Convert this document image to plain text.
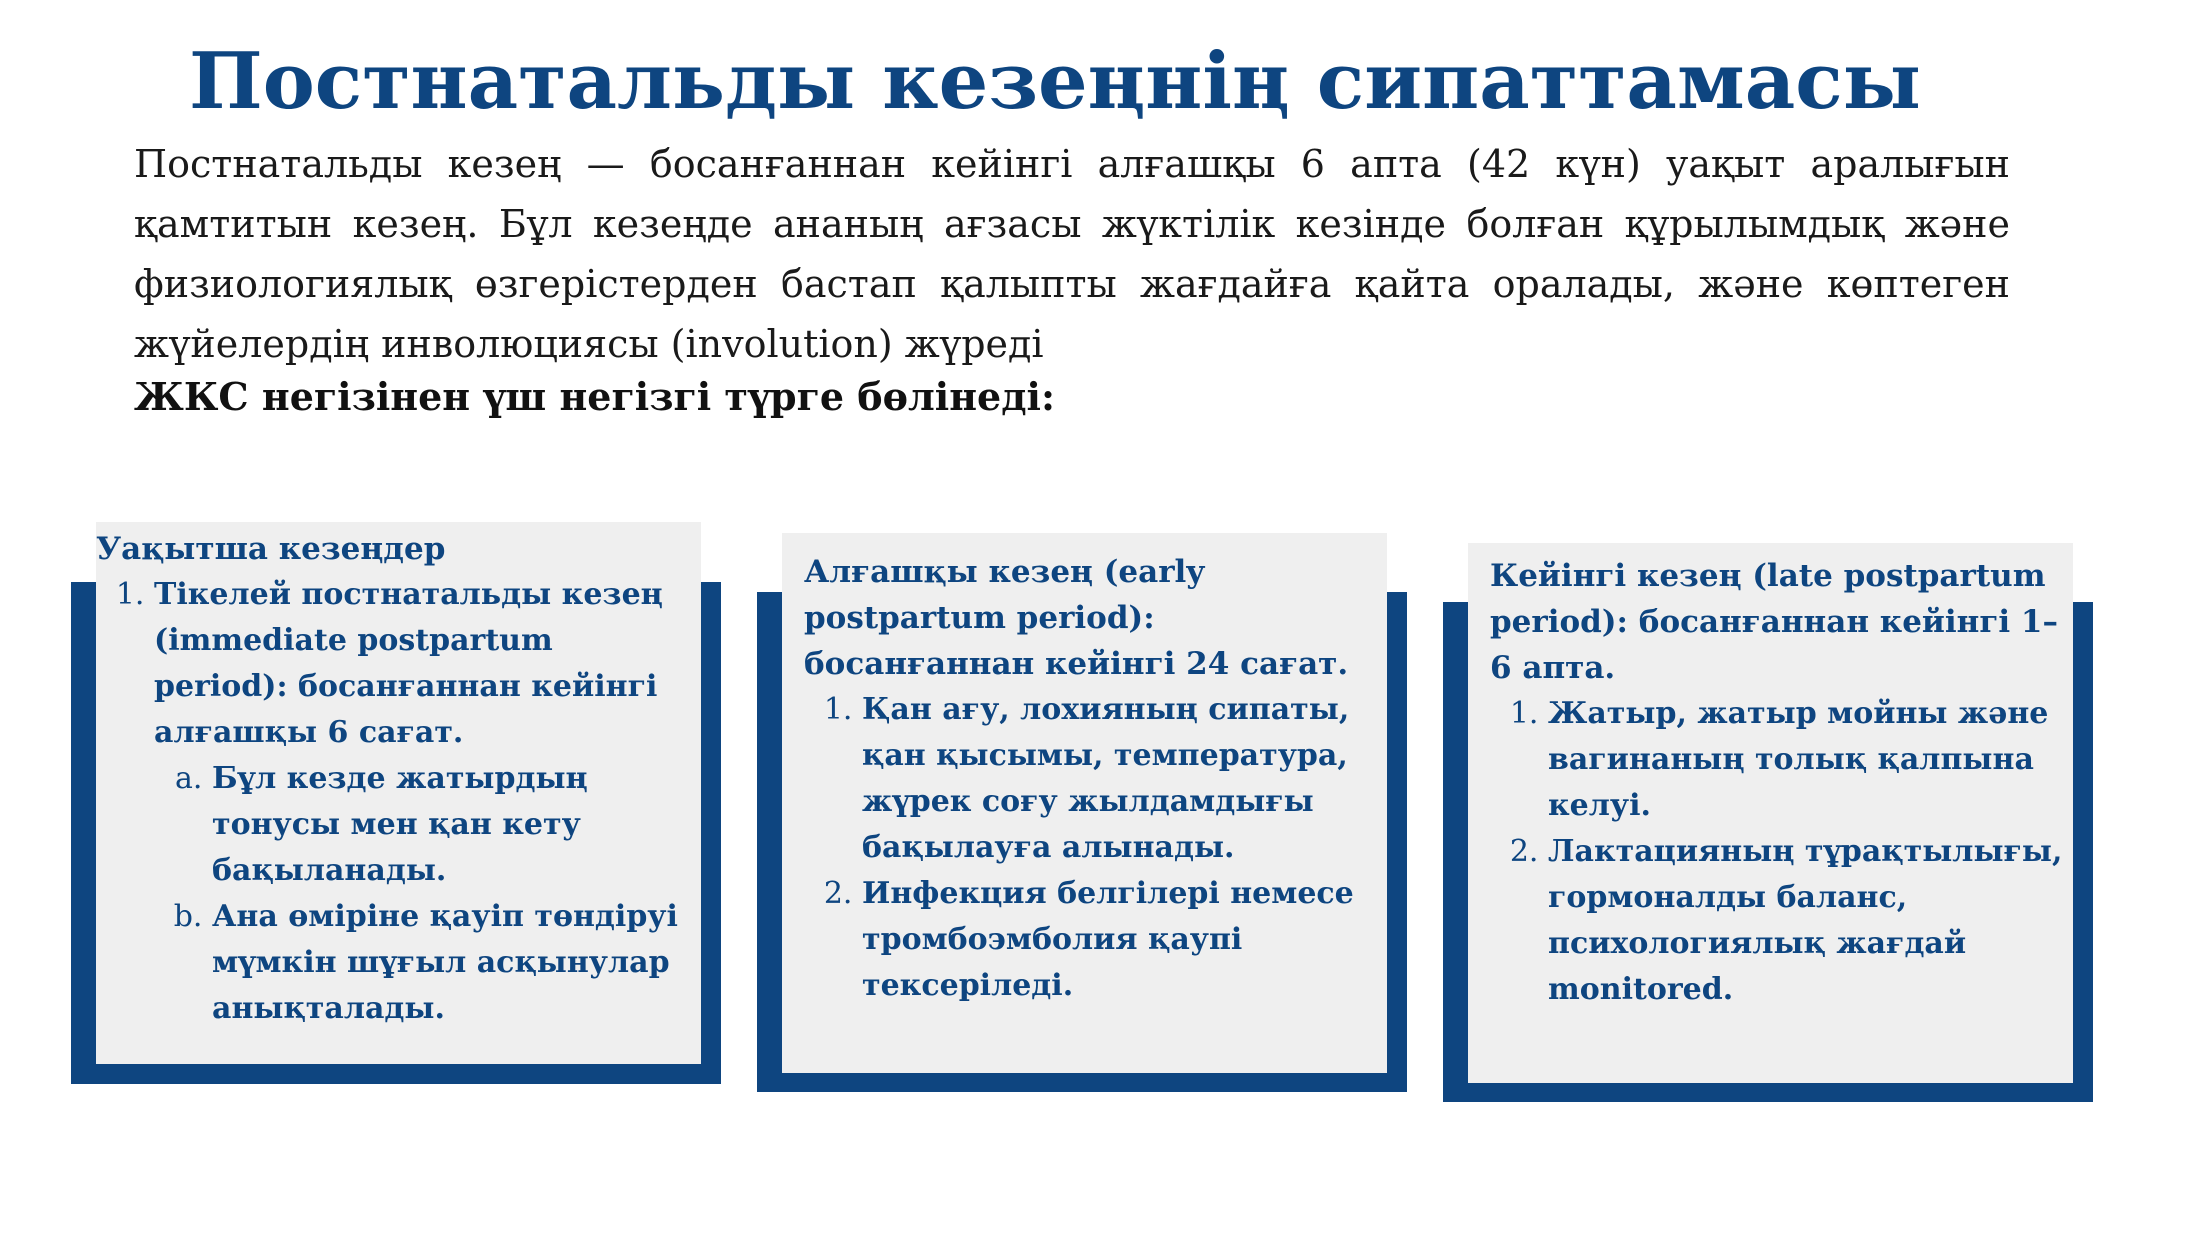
Постнатальды кезеңнің сипаттамасы

Постнатальды кезең — босанғаннан кейінгі алғашқы 6 апта (42 күн) уақыт аралығын қамтитын кезең. Бұл кезеңде ананың ағзасы жүктілік кезінде болған құрылымдық және физиологиялық өзгерістерден бастап қалыпты жағдайға қайта оралады, және көптеген жүйелердің инволюциясы (involution) жүреді

ЖКС негізінен үш негізгі түрге бөлінеді:

Уақытша кезеңдер

1. Тікелей постнатальды кезең (immediate postpartum period): босанғаннан кейінгі алғашқы 6 сағат.
a. Бұл кезде жатырдың тонусы мен қан кету бақыланады.
b. Ана өміріне қауіп төндіруі мүмкін шұғыл асқынулар анықталады.

Алғашқы кезең (early postpartum period): босанғаннан кейінгі 24 сағат.

1. Қан ағу, лохияның сипаты, қан қысымы, температура, жүрек соғу жылдамдығы бақылауға алынады.
2. Инфекция белгілері немесе тромбоэмболия қаупі тексеріледі.

Кейінгі кезең (late postpartum period): босанғаннан кейінгі 1–6 апта.

1. Жатыр, жатыр мойны және вагинаның толық қалпына келуі.
2. Лактацияның тұрақтылығы, гормоналды баланс, психологиялық жағдай monitored.
